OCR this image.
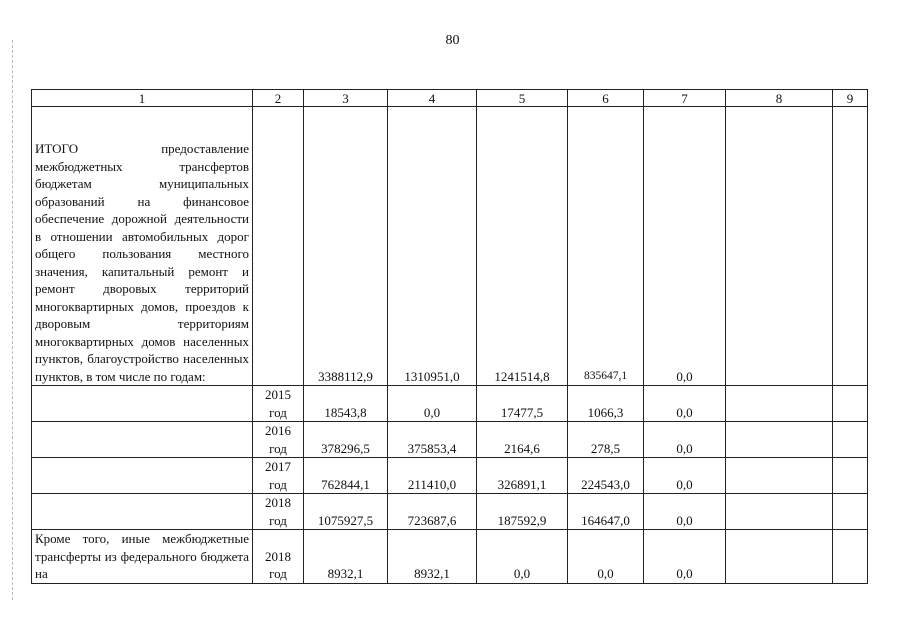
80
1	2	3	4	5	6	7	8	9
ИТОГО предоставление межбюджетных трансфертов бюджетам муниципальных образований на финансовое обеспечение дорожной деятельности в отношении автомобильных дорог общего пользования местного значения, капитальный ремонт и ремонт дворовых территорий многоквартирных домов, проездов к дворовым территориям многоквартирных домов населенных пунктов, благоустройство населенных пунктов, в том числе по годам:		3388112,9	1310951,0	1241514,8	835647,1	0,0		
	2015 год	18543,8	0,0	17477,5	1066,3	0,0		
	2016 год	378296,5	375853,4	2164,6	278,5	0,0		
	2017 год	762844,1	211410,0	326891,1	224543,0	0,0		
	2018 год	1075927,5	723687,6	187592,9	164647,0	0,0		
Кроме того, иные межбюджетные трансферты из федерального бюджета на	2018 год	8932,1	8932,1	0,0	0,0	0,0		
